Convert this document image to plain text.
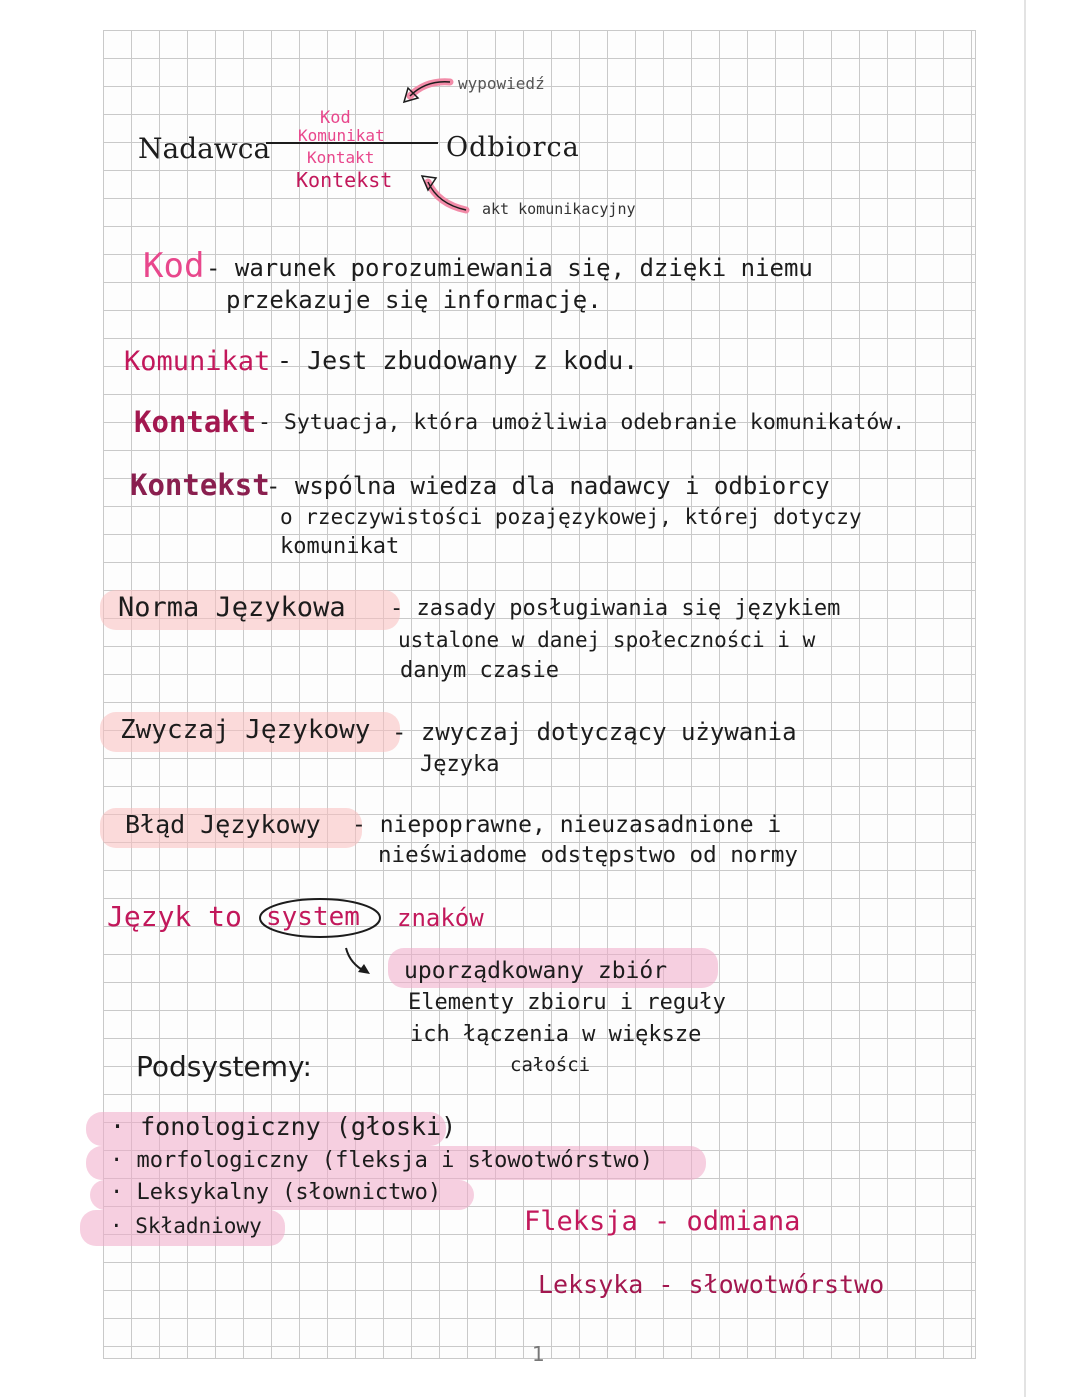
Nadawca
Kod
Komunikat
Kontakt
Kontekst
Odbiorca
wypowiedź
akt komunikacyjny
Kod - warunek porozumiewania się, dzięki niemu
przekazuje się informację.
Komunikat - Jest zbudowany z kodu.
Kontakt - Sytuacja, która umożliwia odebranie komunikatów.
Kontekst
- wspólna wiedza dla nadawcy i odbiorcy
o rzeczywistości pozajęzykowej, której dotyczy
komunikat
Norma Językowa - zasady posługiwania się językiem
ustalone w danej społeczności i w
danym czasie
Zwyczaj Językowy - zwyczaj dotyczący używania
Języka
Błąd Językowy - niepoprawne, nieuzasadnione i
nieświadome odstępstwo od normy
Język to system znaków
uporządkowany zbiór
Elementy zbioru i reguły
ich łączenia w większe
całości
Podsystemy:
· fonologiczny (głoski)
· morfologiczny (fleksja i słowotwórstwo)
· Leksykalny (słownictwo)
· Składniowy	Fleksja - odmiana
Leksyka - słowotwórstwo
1
